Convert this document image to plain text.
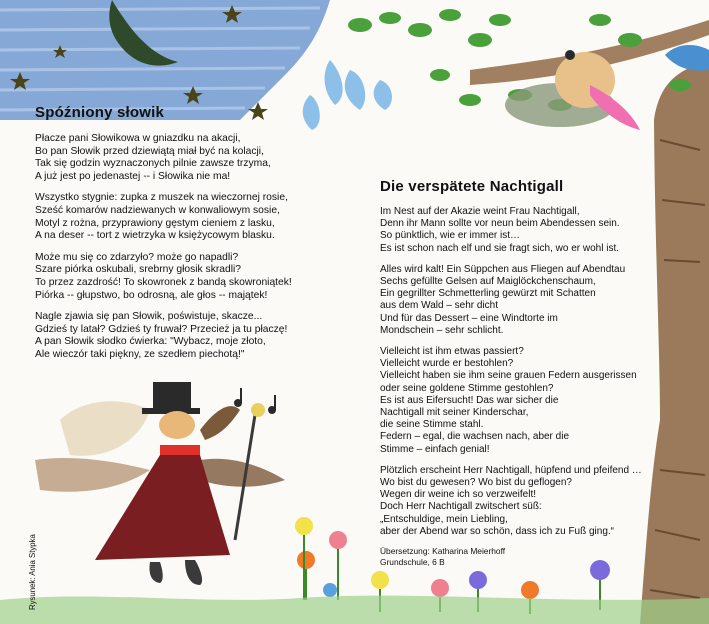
Spóźniony słowik
Płacze pani Słowikowa w gniazdku na akacji,
Bo pan Słowik przed dziewiątą miał być na kolacji,
Tak się godzin wyznaczonych pilnie zawsze trzyma,
A już jest po jedenastej -- i Słowika nie ma!
Wszystko stygnie: zupka z muszek na wieczornej rosie,
Sześć komarów nadziewanych w konwaliowym sosie,
Motyl z rożna, przyprawiony gęstym cieniem z lasku,
A na deser -- tort z wietrzyka w księżycowym blasku.
Może mu się co zdarzyło? może go napadli?
Szare piórka oskubali, srebrny głosik skradli?
To przez zazdrość! To skowronek z bandą skowroniątek!
Piórka -- głupstwo, bo odrosną, ale głos -- majątek!
Nagle zjawia się pan Słowik, poświstuje, skacze...
Gdzieś ty latał? Gdzieś ty fruwał? Przecież ja tu płaczę!
A pan Słowik słodko ćwierka: "Wybacz, moje złoto,
Ale wieczór taki piękny, ze szedłem piechotą!"
Die verspätete Nachtigall
Im Nest auf der Akazie weint Frau Nachtigall,
Denn ihr Mann sollte vor neun beim Abendessen sein.
So pünktlich, wie er immer ist…
Es ist schon nach elf und sie fragt sich, wo er wohl ist.
Alles wird kalt! Ein Süppchen aus Fliegen auf Abendtau
Sechs gefüllte Gelsen auf Maiglöckchenschaum,
Ein gegrillter Schmetterling gewürzt mit Schatten
aus dem Wald – sehr dicht
Und für das Dessert – eine Windtorte im
Mondschein – sehr schlicht.
Vielleicht ist ihm etwas passiert?
Vielleicht wurde er bestohlen?
Vielleicht haben sie ihm seine grauen Federn ausgerissen
oder seine goldene Stimme gestohlen?
Es ist aus Eifersucht! Das war sicher die
Nachtigall mit seiner Kinderschar,
die seine Stimme stahl.
Federn – egal, die wachsen nach, aber die
Stimme – einfach genial!
Plötzlich erscheint Herr Nachtigall, hüpfend und pfeifend …
Wo bist du gewesen? Wo bist du geflogen?
Wegen dir weine ich so verzweifelt!
Doch Herr Nachtigall zwitschert süß:
„Entschuldige, mein Liebling,
aber der Abend war so schön, dass ich zu Fuß ging.“
Übersetzung: Katharina Meierhoff
Grundschule, 6 B
Rysunek: Ania Stypka
